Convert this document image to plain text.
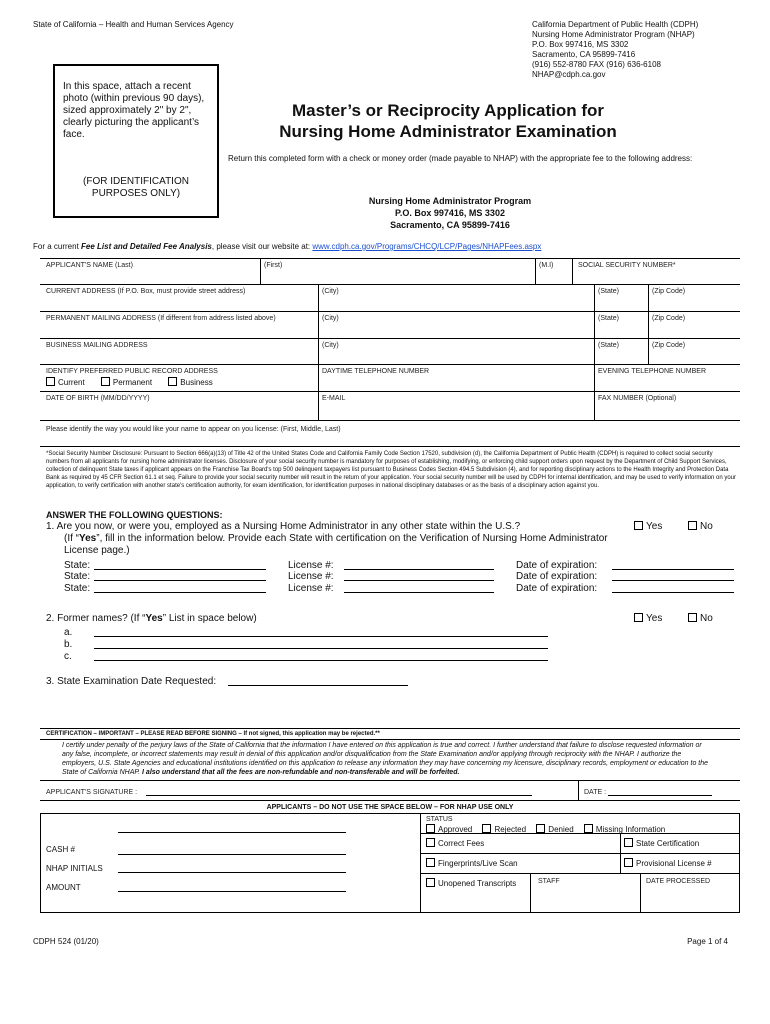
State of California – Health and Human Services Agency	California Department of Public Health (CDPH)
Nursing Home Administrator Program (NHAP)
P.O. Box 997416, MS 3302
Sacramento, CA 95899-7416
(916) 552-8780 FAX (916) 636-6108
NHAP@cdph.ca.gov
In this space, attach a recent photo (within previous 90 days), sized approximately 2" by 2", clearly picturing the applicant’s face.
(FOR IDENTIFICATION PURPOSES ONLY)
Master’s or Reciprocity Application for
Nursing Home Administrator Examination
Return this completed form with a check or money order (made payable to NHAP) with the appropriate fee to the following address:
Nursing Home Administrator Program
P.O. Box 997416, MS 3302
Sacramento, CA 95899-7416
For a current Fee List and Detailed Fee Analysis, please visit our website at: www.cdph.ca.gov/Programs/CHCQ/LCP/Pages/NHAPFees.aspx
APPLICANT'S NAME (Last)	(First)	(M.I)	SOCIAL SECURITY NUMBER*
CURRENT ADDRESS (If P.O. Box, must provide street address)	(City)	(State)	(Zip Code)
PERMANENT MAILING ADDRESS (If different from address listed above)	(City)	(State)	(Zip Code)
BUSINESS MAILING ADDRESS	(City)	(State)	(Zip Code)
IDENTIFY PREFERRED PUBLIC RECORD ADDRESS
Current	Permanent	Business
DAYTIME TELEPHONE NUMBER	EVENING TELEPHONE NUMBER
DATE OF BIRTH (MM/DD/YYYY)	E-MAIL	FAX NUMBER (Optional)
Please identify the way you would like your name to appear on you license: (First, Middle, Last)
*Social Security Number Disclosure: Pursuant to Section 666(a)(13) of Title 42 of the United States Code and California Family Code Section 17520, subdivision (d), the California Department of Public Health (CDPH) is required to collect social security numbers from all applicants for nursing home administrator licenses. Disclosure of your social security number is mandatory for purposes of establishing, modifying, or enforcing child support orders upon request by the Department of Child Support Services, collection of delinquent State taxes if applicant appears on the Franchise Tax Board's top 500 delinquent taxpayers list pursuant to Business Codes Section 494.5 Subdivision (4), and for reporting disciplinary actions to the Health Integrity and Protection Data Bank as required by 45 CFR Section 61.1 et seq. Failure to provide your social security number will result in the return of your application. Your social security number will be used by CDPH for internal identification, and may be used to verify information on your application, to verify certification with another state's certification authority, for exam identification, for identification purposes in national disciplinary databases or as the basis of a disciplinary action against you.
ANSWER THE FOLLOWING QUESTIONS:
1. Are you now, or were you, employed as a Nursing Home Administrator in any other state within the U.S.?
(If “Yes”, fill in the information below. Provide each State with certification on the Verification of Nursing Home Administrator License page.)
Yes	No
State:	License #:	Date of expiration:
State:	License #:	Date of expiration:
State:	License #:	Date of expiration:
2. Former names? (If “Yes” List in space below)	Yes	No
a.
b.
c.
3. State Examination Date Requested:
CERTIFICATION – IMPORTANT – PLEASE READ BEFORE SIGNING – If not signed, this application may be rejected.**
I certify under penalty of the perjury laws of the State of California that the information I have entered on this application is true and correct. I further understand that failure to disclose requested information or any false, incomplete, or incorrect statements may result in denial of this application and/or disqualification from the State Examination and/or applying through reciprocity with the NHAP. I authorize the employers, U.S. State Agencies and educational institutions identified on this application to release any information they may have concerning my licensure, disciplinary records, employment or education to the State of California NHAP. I also understand that all the fees are non-refundable and non-transferable and will be forfeited.
APPLICANT'S SIGNATURE :	DATE :
APPLICANTS – DO NOT USE THE SPACE BELOW – FOR NHAP USE ONLY
CASH #
NHAP INITIALS
AMOUNT
STATUS
Approved	Rejected	Denied	Missing Information
Correct Fees	State Certification
Fingerprints/Live Scan	Provisional License #
Unopened Transcripts	STAFF	DATE PROCESSED
CDPH 524 (01/20)	Page 1 of 4
